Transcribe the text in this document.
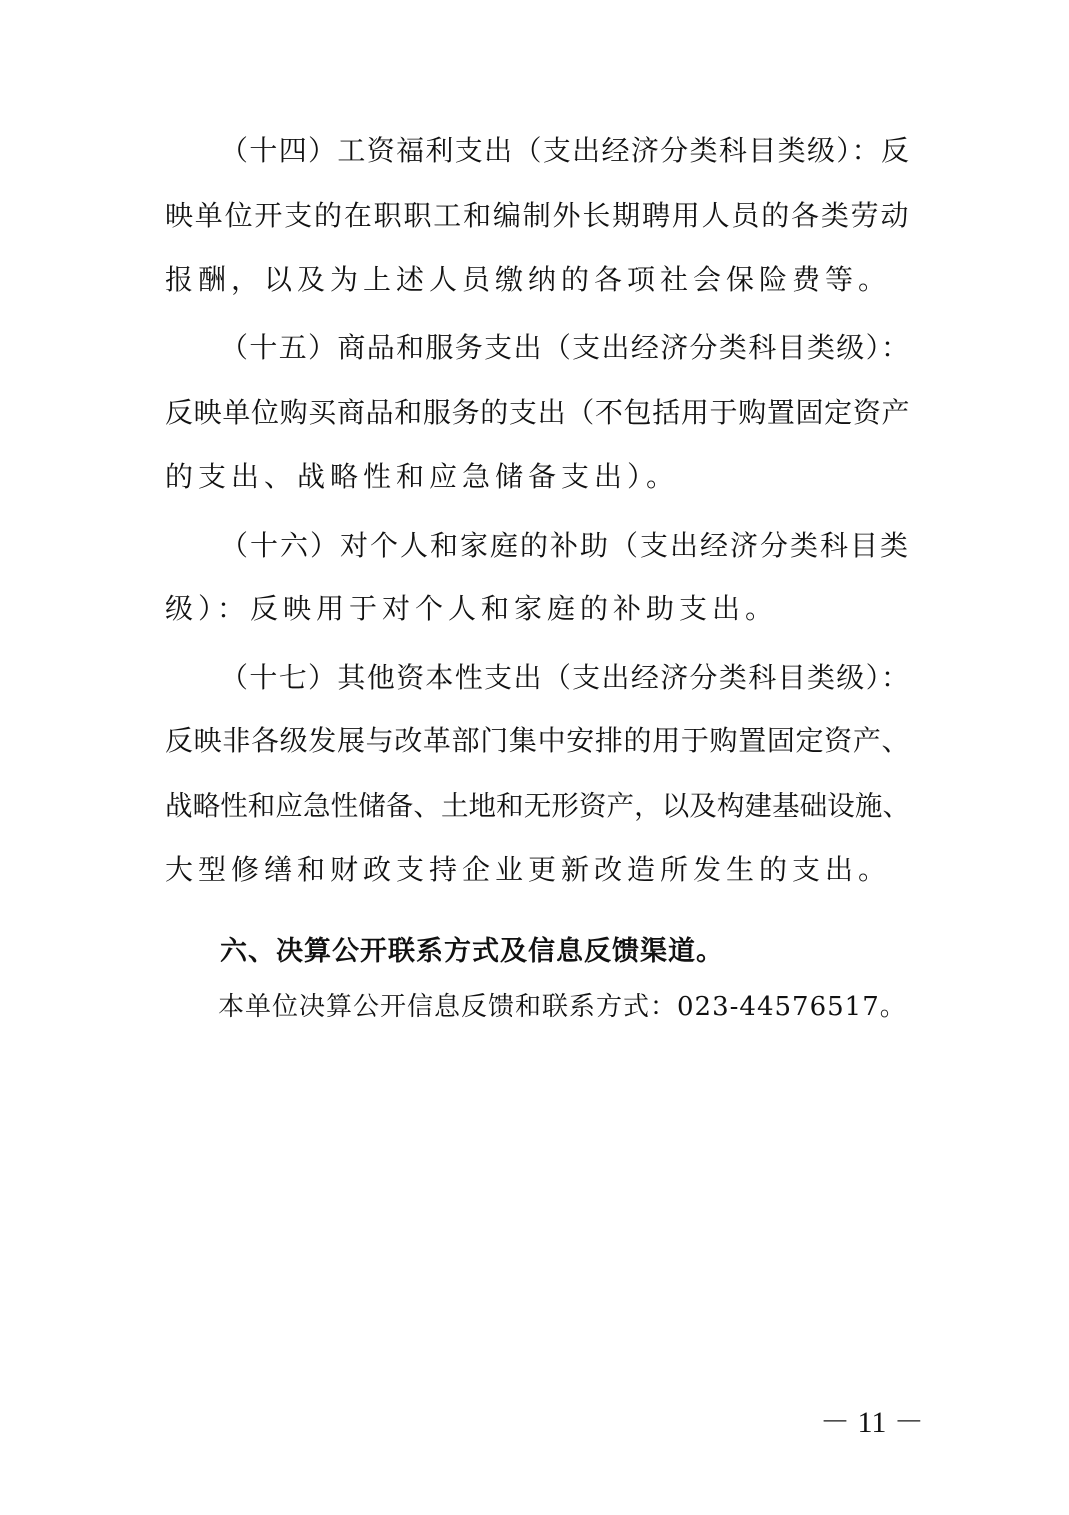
（十四）工资福利支出（支出经济分类科目类级）：反
映单位开支的在职职工和编制外长期聘用人员的各类劳动
报酬，以及为上述人员缴纳的各项社会保险费等。
（十五）商品和服务支出（支出经济分类科目类级）：
反映单位购买商品和服务的支出（不包括用于购置固定资产
的支出、战略性和应急储备支出）。
（十六）对个人和家庭的补助（支出经济分类科目类
级）：反映用于对个人和家庭的补助支出。
（十七）其他资本性支出（支出经济分类科目类级）：
反映非各级发展与改革部门集中安排的用于购置固定资产、
战略性和应急性储备、土地和无形资产，以及构建基础设施、
大型修缮和财政支持企业更新改造所发生的支出。
六、决算公开联系方式及信息反馈渠道。
本单位决算公开信息反馈和联系方式：023-44576517。
－ 11 －
